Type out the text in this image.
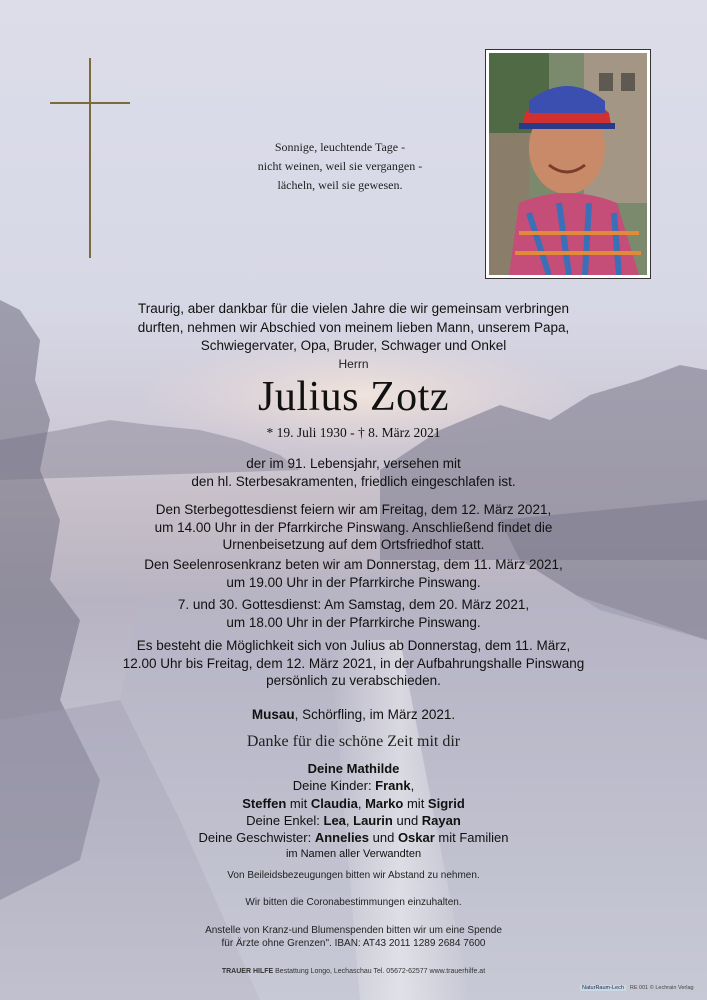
Sonnige, leuchtende Tage -
nicht weinen, weil sie vergangen -
lächeln, weil sie gewesen.
Traurig, aber dankbar für die vielen Jahre die wir gemeinsam verbringen
durften, nehmen wir Abschied von meinem lieben Mann, unserem Papa,
Schwiegervater, Opa, Bruder, Schwager und Onkel
Herrn
Julius Zotz
* 19. Juli 1930 - † 8. März 2021
der im 91. Lebensjahr, versehen mit
den hl. Sterbesakramenten, friedlich eingeschlafen ist.
Den Sterbegottesdienst feiern wir am Freitag, dem 12. März 2021,
um 14.00 Uhr in der Pfarrkirche Pinswang. Anschließend findet die
Urnenbeisetzung auf dem Ortsfriedhof statt.
Den Seelenrosenkranz beten wir am Donnerstag, dem 11. März 2021,
um 19.00 Uhr in der Pfarrkirche Pinswang.
7. und 30. Gottesdienst: Am Samstag, dem 20. März 2021,
um 18.00 Uhr in der Pfarrkirche Pinswang.
Es besteht die Möglichkeit sich von Julius ab Donnerstag, dem 11. März,
12.00 Uhr bis Freitag, dem 12. März 2021, in der Aufbahrungshalle Pinswang
persönlich zu verabschieden.
Musau, Schörfling, im März 2021.
Danke für die schöne Zeit mit dir
Deine Mathilde
Deine Kinder: Frank,
Steffen mit Claudia, Marko mit Sigrid
Deine Enkel: Lea, Laurin und Rayan
Deine Geschwister: Annelies und Oskar mit Familien
im Namen aller Verwandten
Von Beileidsbezeugungen bitten wir Abstand zu nehmen.
Wir bitten die Coronabestimmungen einzuhalten.
Anstelle von Kranz-und Blumenspenden bitten wir um eine Spende
für Ärzte ohne Grenzen". IBAN: AT43 2011 1289 2684 7600
TRAUER HILFE Bestattung Longo, Lechaschau Tel. 05672-62577 www.trauerhilfe.at
NaturRaum-Lech RE 001 © Lechrain Verlag
